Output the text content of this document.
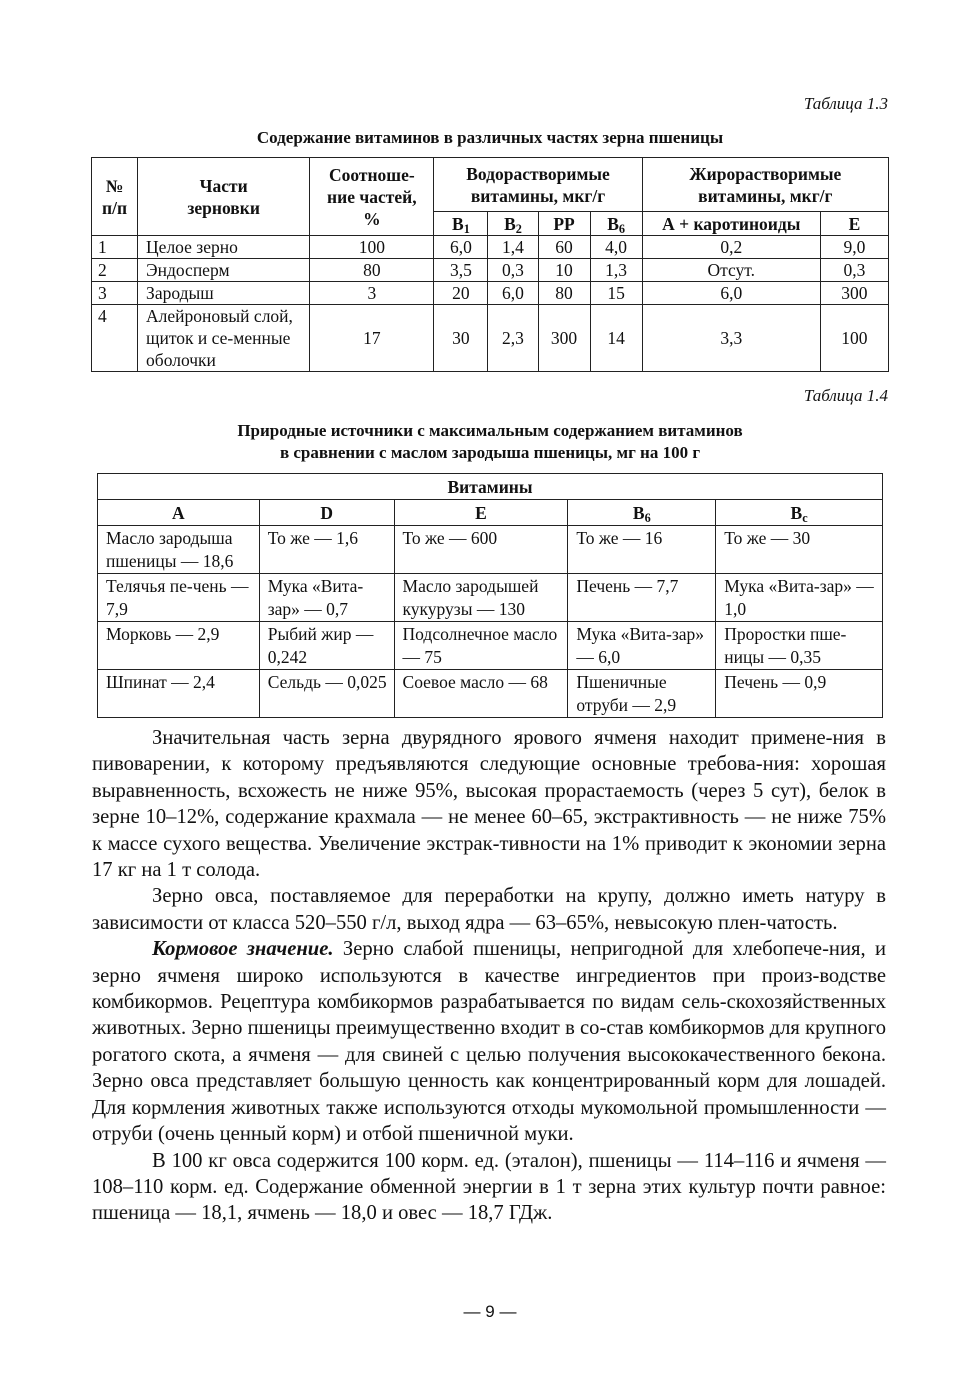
Таблица 1.3
Содержание витаминов в различных частях зерна пшеницы
№ п/п	Части зерновки	Соотноше-ние частей, %	Водорастворимые витамины, мкг/г				Жирорастворимые витамины, мкг/г	
			$B_1$	$B_2$	PP	$B_6$	А + каротиноиды	Е
1	Целое зерно	100	6,0	1,4	60	4,0	0,2	9,0
2	Эндосперм	80	3,5	0,3	10	1,3	Отсут.	0,3
3	Зародыш	3	20	6,0	80	15	6,0	300
4	Алейроновый слой, щиток и се-менные оболочки	17	30	2,3	300	14	3,3	100
Таблица 1.4
Природные источники с максимальным содержанием витаминов
в сравнении с маслом зародыша пшеницы, мг на 100 г
Витамины				
А	D	E	$B_6$	$B_c$
Масло зародыша пшеницы — 18,6	То же — 1,6	То же — 600	То же — 16	То же — 30
Телячья пе-чень — 7,9	Мука «Вита-зар» — 0,7	Масло зародышей кукурузы — 130	Печень — 7,7	Мука «Вита-зар» — 1,0
Морковь — 2,9	Рыбий жир — 0,242	Подсолнечное масло — 75	Мука «Вита-зар» — 6,0	Проростки пше-ницы — 0,35
Шпинат — 2,4	Сельдь — 0,025	Соевое масло — 68	Пшеничные отруби — 2,9	Печень — 0,9

Значительная часть зерна двурядного ярового ячменя находит примене-ния в пивоварении, к которому предъявляются следующие основные требова-ния: хорошая выравненность, всхожесть не ниже 95%, высокая прорастаемость (через 5 сут), белок в зерне 10–12%, содержание крахмала — не менее 60–65, экстрактивность — не ниже 75% к массе сухого вещества. Увеличение экстрак-тивности на 1% приводит к экономии зерна 17 кг на 1 т солода.

Зерно овса, поставляемое для переработки на крупу, должно иметь натуру в зависимости от класса 520–550 г/л, выход ядра — 63–65%, невысокую плен-чатость.

Кормовое значение. Зерно слабой пшеницы, непригодной для хлебопече-ния, и зерно ячменя широко используются в качестве ингредиентов при произ-водстве комбикормов. Рецептура комбикормов разрабатывается по видам сель-скохозяйственных животных. Зерно пшеницы преимущественно входит в со-став комбикормов для крупного рогатого скота, а ячменя — для свиней с целью получения высококачественного бекона. Зерно овса представляет большую ценность как концентрированный корм для лошадей. Для кормления животных также используются отходы мукомольной промышленности — отруби (очень ценный корм) и отбой пшеничной муки.

В 100 кг овса содержится 100 корм. ед. (эталон), пшеницы — 114–116 и ячменя — 108–110 корм. ед. Содержание обменной энергии в 1 т зерна этих культур почти равное: пшеница — 18,1, ячмень — 18,0 и овес — 18,7 ГДж.

— 9 —
